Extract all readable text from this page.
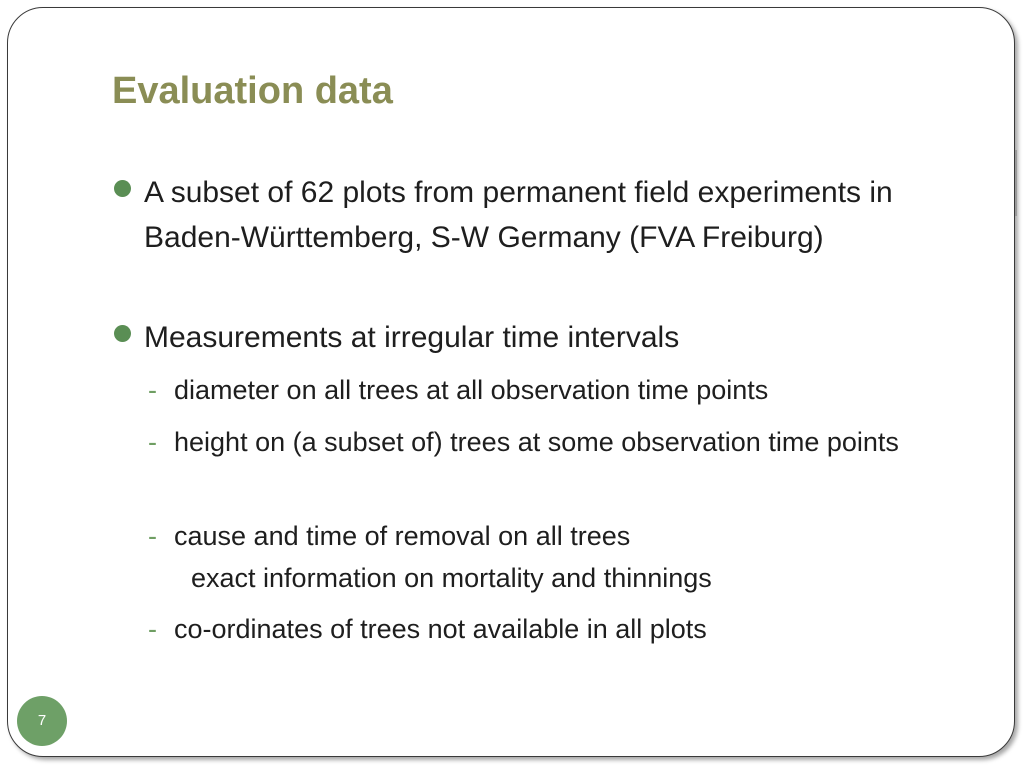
Evaluation data
A subset of 62 plots from permanent field experiments in Baden-Württemberg, S-W Germany (FVA Freiburg)
Measurements at irregular time intervals
- diameter on all trees at all observation time points
- height on (a subset of) trees at some observation time points
- cause and time of removal on all trees
exact information on mortality and thinnings
- co-ordinates of trees not available in all plots
7
